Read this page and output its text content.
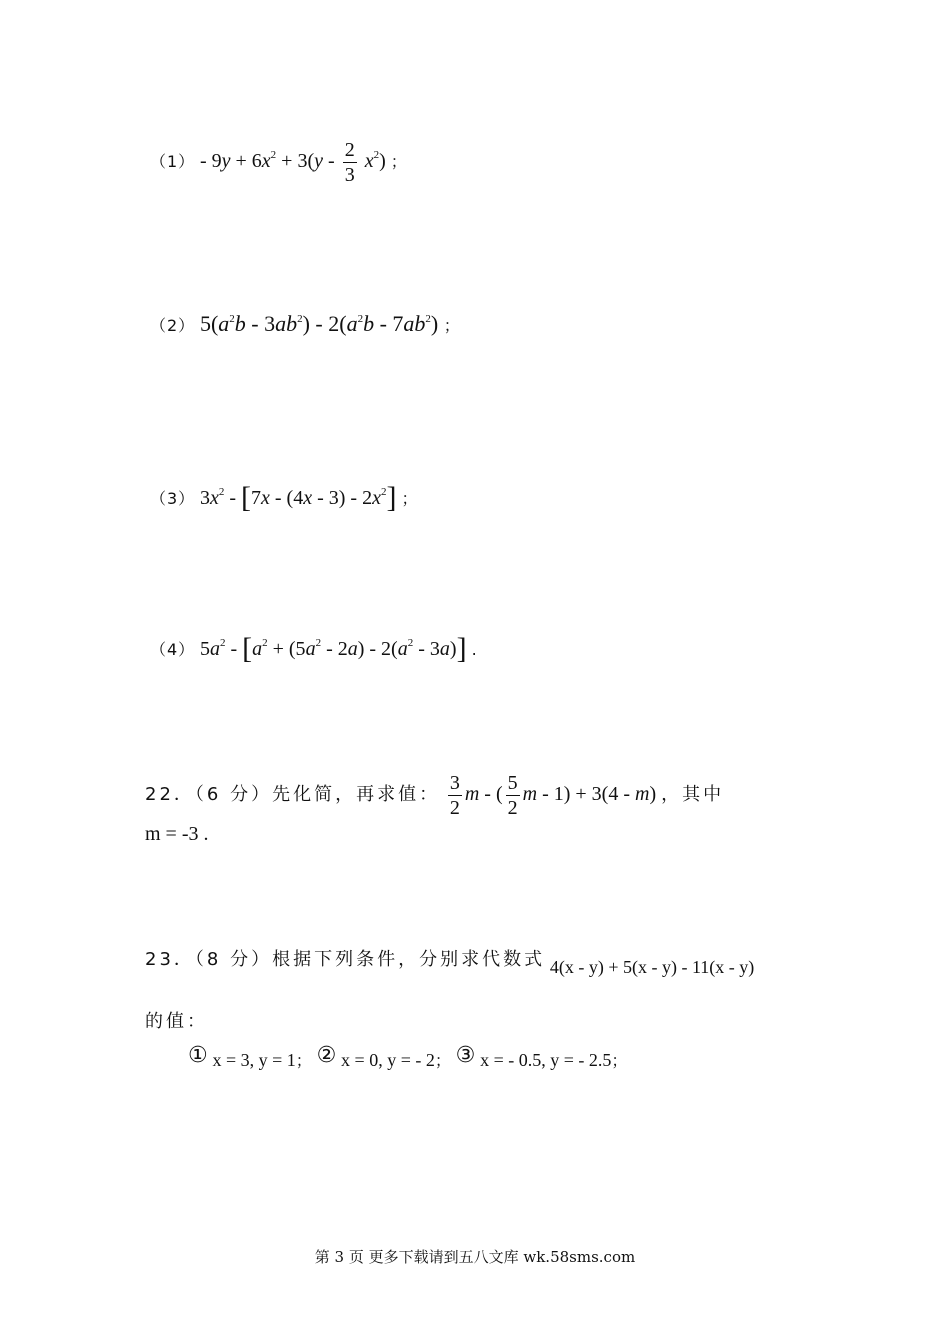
$(1) - 9y + 6x^2 + 3(y - \frac{2}{3} x^2)$ ；
（2） $5(a^2b - 3ab^2) - 2(a^2b - 7ab^2)$ ；
（3） $3x^2 - [7x - (4x - 3) - 2x^2]$ ；
（4） $5a^2 - [a^2 + (5a^2 - 2a) - 2(a^2 - 3a)]$ .
22．（6 分）先化简，再求值： $\frac{3}{2}$ m - ( $\frac{5}{2}$ m - 1) + 3(4 - m) ，其中
m = -3 .
23．（8 分）根据下列条件，分别求代数式 4(x - y) + 5(x - y) - 11(x - y)
的值：
① x = 3, y = 1； ② x = 0, y = - 2； ③ x = - 0.5, y = - 2.5；
第 3 页 更多下载请到五八文库 wk.58sms.com
